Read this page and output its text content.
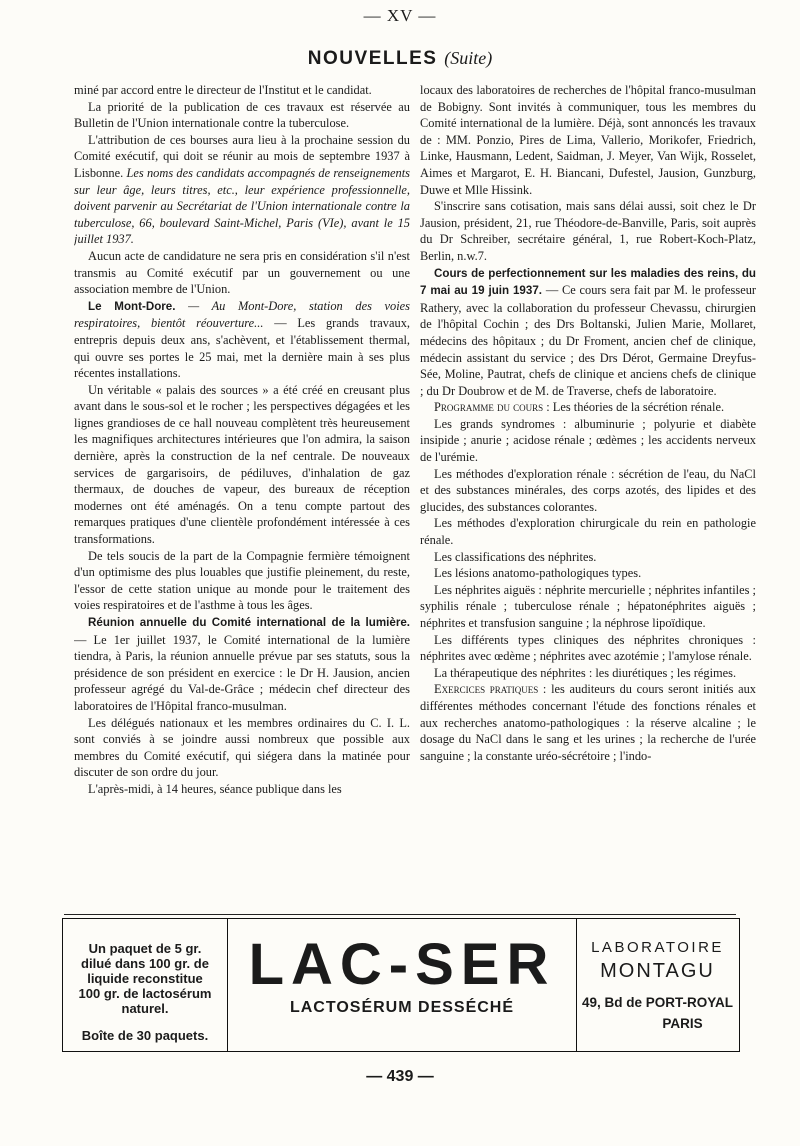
— XV —
NOUVELLES (Suite)

miné par accord entre le directeur de l'Institut et le candidat.

La priorité de la publication de ces travaux est réservée au Bulletin de l'Union internationale contre la tuberculose.

L'attribution de ces bourses aura lieu à la prochaine session du Comité exécutif, qui doit se réunir au mois de septembre 1937 à Lisbonne. Les noms des candidats accompagnés de renseignements sur leur âge, leurs titres, etc., leur expérience professionnelle, doivent parvenir au Secrétariat de l'Union internationale contre la tuberculose, 66, boulevard Saint-Michel, Paris (VIe), avant le 15 juillet 1937.

Aucun acte de candidature ne sera pris en considération s'il n'est transmis au Comité exécutif par un gouvernement ou une association membre de l'Union.

Le Mont-Dore. — Au Mont-Dore, station des voies respiratoires, bientôt réouverture... — Les grands travaux, entrepris depuis deux ans, s'achèvent, et l'établissement thermal, qui ouvre ses portes le 25 mai, met la dernière main à ses plus récentes installations.

Un véritable « palais des sources » a été créé en creusant plus avant dans le sous-sol et le rocher ; les perspectives dégagées et les lignes grandioses de ce hall nouveau complètent très heureusement les magnifiques architectures intérieures que l'on admira, la saison dernière, après la construction de la nef centrale. De nouveaux services de gargarisoirs, de pédiluves, d'inhalation de gaz thermaux, de douches de vapeur, des bureaux de réception modernes ont été aménagés. On a tenu compte partout des remarques pratiques d'une clientèle profondément intéressée à ces transformations.

De tels soucis de la part de la Compagnie fermière témoignent d'un optimisme des plus louables que justifie pleinement, du reste, l'essor de cette station unique au monde pour le traitement des voies respiratoires et de l'asthme à tous les âges.

Réunion annuelle du Comité international de la lumière. — Le 1er juillet 1937, le Comité international de la lumière tiendra, à Paris, la réunion annuelle prévue par ses statuts, sous la présidence de son président en exercice : le Dr H. Jausion, ancien professeur agrégé du Val-de-Grâce ; médecin chef directeur des laboratoires de l'Hôpital franco-musulman.

Les délégués nationaux et les membres ordinaires du C. I. L. sont conviés à se joindre aussi nombreux que possible aux membres du Comité exécutif, qui siégera dans la matinée pour discuter de son ordre du jour.

L'après-midi, à 14 heures, séance publique dans les

locaux des laboratoires de recherches de l'hôpital franco-musulman de Bobigny. Sont invités à communiquer, tous les membres du Comité international de la lumière. Déjà, sont annoncés les travaux de : MM. Ponzio, Pires de Lima, Vallerio, Morikofer, Friedrich, Linke, Hausmann, Ledent, Saidman, J. Meyer, Van Wijk, Rosselet, Aimes et Margarot, E. H. Biancani, Dufestel, Jausion, Gunzburg, Duwe et Mlle Hissink.

S'inscrire sans cotisation, mais sans délai aussi, soit chez le Dr Jausion, président, 21, rue Théodore-de-Banville, Paris, soit auprès du Dr Schreiber, secrétaire général, 1, rue Robert-Koch-Platz, Berlin, n.w.7.

Cours de perfectionnement sur les maladies des reins, du 7 mai au 19 juin 1937. — Ce cours sera fait par M. le professeur Rathery, avec la collaboration du professeur Chevassu, chirurgien de l'hôpital Cochin ; des Drs Boltanski, Julien Marie, Mollaret, médecins des hôpitaux ; du Dr Froment, ancien chef de clinique, médecin assistant du service ; des Drs Dérot, Germaine Dreyfus-Sée, Moline, Pautrat, chefs de clinique et anciens chefs de clinique ; du Dr Doubrow et de M. de Traverse, chefs de laboratoire.

Programme du cours : Les théories de la sécrétion rénale.

Les grands syndromes : albuminurie ; polyurie et diabète insipide ; anurie ; acidose rénale ; œdèmes ; les accidents nerveux de l'urémie.

Les méthodes d'exploration rénale : sécrétion de l'eau, du NaCl et des substances minérales, des corps azotés, des lipides et des glucides, des substances colorantes.

Les méthodes d'exploration chirurgicale du rein en pathologie rénale.

Les classifications des néphrites.

Les lésions anatomo-pathologiques types.

Les néphrites aiguës : néphrite mercurielle ; néphrites infantiles ; syphilis rénale ; tuberculose rénale ; hépatonéphrites aiguës ; néphrites et transfusion sanguine ; la néphrose lipoïdique.

Les différents types cliniques des néphrites chroniques : néphrites avec œdème ; néphrites avec azotémie ; l'amylose rénale.

La thérapeutique des néphrites : les diurétiques ; les régimes.

Exercices pratiques : les auditeurs du cours seront initiés aux différentes méthodes concernant l'étude des fonctions rénales et aux recherches anatomo-pathologiques : la réserve alcaline ; le dosage du NaCl dans le sang et les urines ; la recherche de l'urée sanguine ; la constante uréo-sécrétoire ; l'indo-

Un paquet de 5 gr.
dilué dans 100 gr. de
liquide reconstitue
100 gr. de lactosérum
naturel.
Boîte de 30 paquets.
LAC-SER
LACTOSÉRUM DESSÉCHÉ
LABORATOIRE
MONTAGU
49, Bd de PORT-ROYAL
PARIS
— 439 —
